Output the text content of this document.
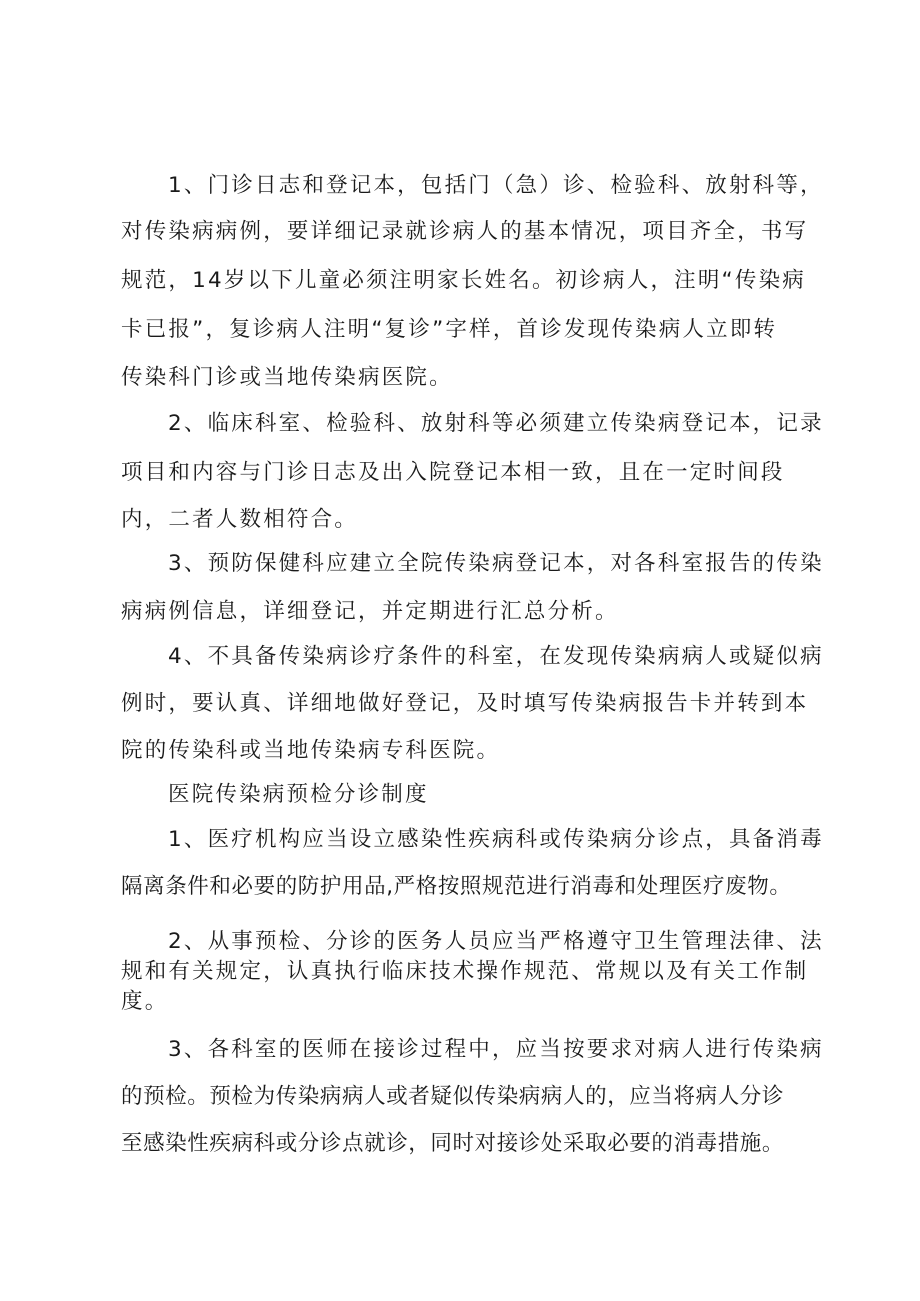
1、门诊日志和登记本，包括门（急）诊、检验科、放射科等，
对传染病病例，要详细记录就诊病人的基本情况，项目齐全，书写
规范，14岁以下儿童必须注明家长姓名。初诊病人，注明“传染病
卡已报”，复诊病人注明“复诊”字样，首诊发现传染病人立即转
传染科门诊或当地传染病医院。
2、临床科室、检验科、放射科等必须建立传染病登记本，记录
项目和内容与门诊日志及出入院登记本相一致，且在一定时间段
内，二者人数相符合。
3、预防保健科应建立全院传染病登记本，对各科室报告的传染
病病例信息，详细登记，并定期进行汇总分析。
4、不具备传染病诊疗条件的科室，在发现传染病病人或疑似病
例时，要认真、详细地做好登记，及时填写传染病报告卡并转到本
院的传染科或当地传染病专科医院。
医院传染病预检分诊制度
1、医疗机构应当设立感染性疾病科或传染病分诊点，具备消毒
隔离条件和必要的防护用品,严格按照规范进行消毒和处理医疗废物。
2、从事预检、分诊的医务人员应当严格遵守卫生管理法律、法
规和有关规定，认真执行临床技术操作规范、常规以及有关工作制
度。
3、各科室的医师在接诊过程中，应当按要求对病人进行传染病
的预检。预检为传染病病人或者疑似传染病病人的，应当将病人分诊
至感染性疾病科或分诊点就诊，同时对接诊处采取必要的消毒措施。
